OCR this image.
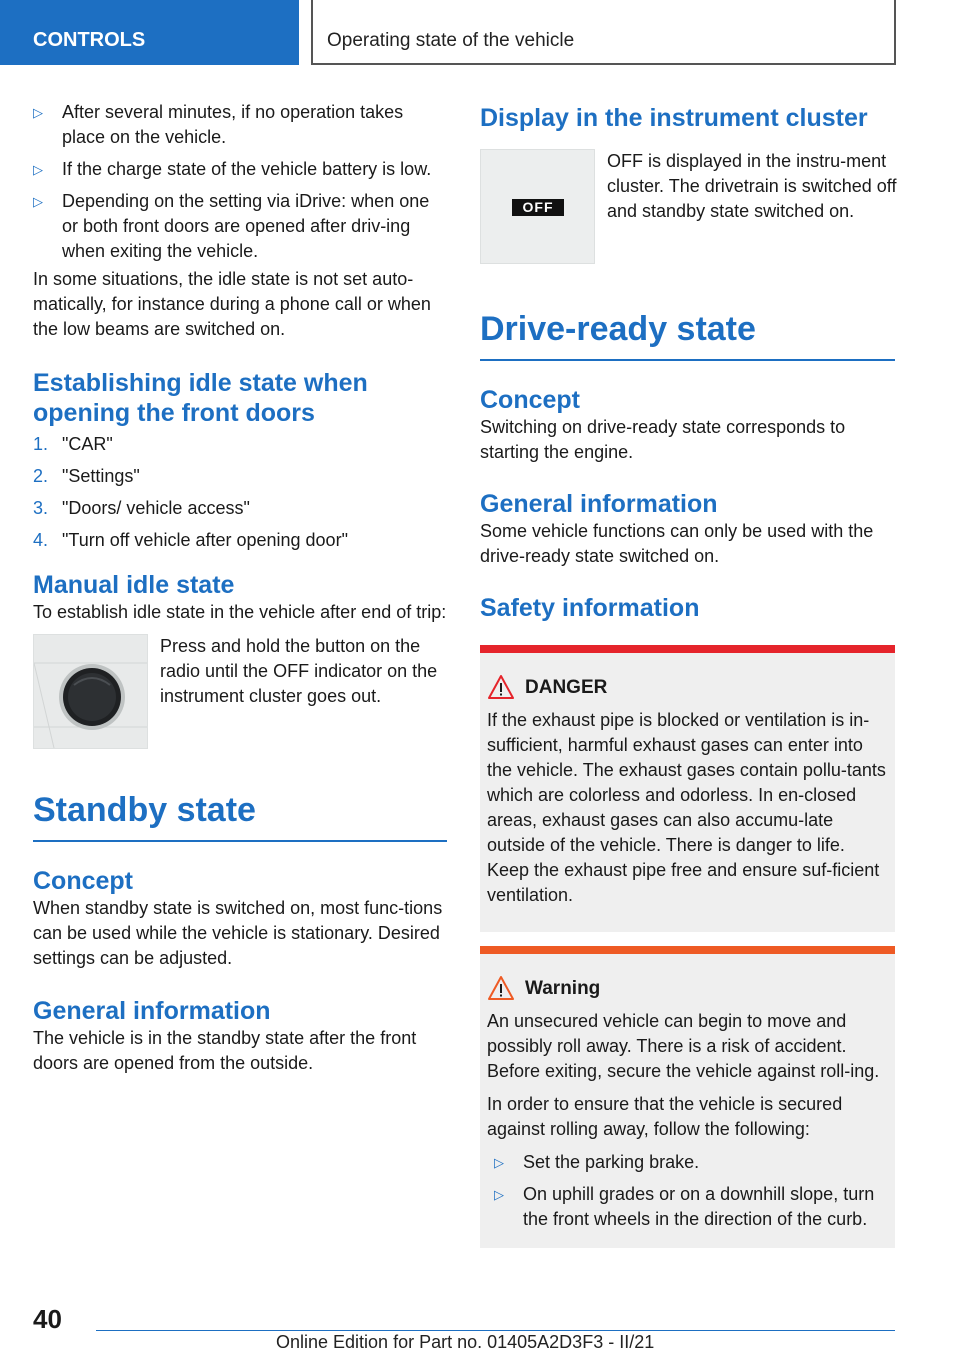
CONTROLS	Operating state of the vehicle
▷ After several minutes, if no operation takes place on the vehicle.
▷ If the charge state of the vehicle battery is low.
▷ Depending on the setting via iDrive: when one or both front doors are opened after driv-ing when exiting the vehicle.

In some situations, the idle state is not set auto-matically, for instance during a phone call or when the low beams are switched on.

Establishing idle state when opening the front doors
1. "CAR"
2. "Settings"
3. "Doors/ vehicle access"
4. "Turn off vehicle after opening door"
Manual idle state

To establish idle state in the vehicle after end of trip:

Press and hold the button on the radio until the OFF indicator on the instrument cluster goes out.
Standby state
Concept

When standby state is switched on, most func-tions can be used while the vehicle is stationary. Desired settings can be adjusted.

General information

The vehicle is in the standby state after the front doors are opened from the outside.

Display in the instrument cluster
OFF
OFF is displayed in the instru-ment cluster. The drivetrain is switched off and standby state switched on.
Drive-ready state
Concept

Switching on drive-ready state corresponds to starting the engine.

General information

Some vehicle functions can only be used with the drive-ready state switched on.

Safety information
DANGER

If the exhaust pipe is blocked or ventilation is in-sufficient, harmful exhaust gases can enter into the vehicle. The exhaust gases contain pollu-tants which are colorless and odorless. In en-closed areas, exhaust gases can also accumu-late outside of the vehicle. There is danger to life. Keep the exhaust pipe free and ensure suf-ficient ventilation.

Warning

An unsecured vehicle can begin to move and possibly roll away. There is a risk of accident. Before exiting, secure the vehicle against roll-ing.

In order to ensure that the vehicle is secured against rolling away, follow the following:

▷ Set the parking brake.
▷ On uphill grades or on a downhill slope, turn the front wheels in the direction of the curb.
40
Online Edition for Part no. 01405A2D3F3 - II/21
